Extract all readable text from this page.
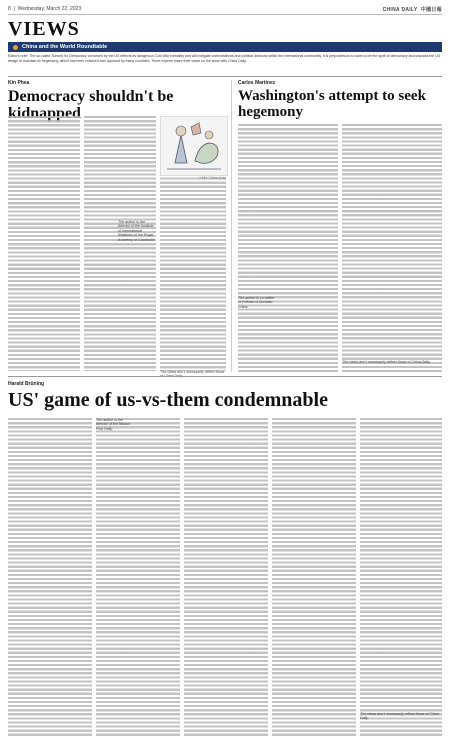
8  |  Wednesday, March 22, 2023	CHINA DAILY 中國日報
VIEWS
China and the World Roundtable
Editor's note: The so-called Summit for Democracy convened by the US reflects its dangerous Cold War mentality and will instigate confrontations and political divisions within the international community. It is preposterous to claim to be the spirit of democracy and unpacks the US design to maintain its hegemony, which has been criticized and opposed by many countries. Three experts share their views on the issue with China Daily.
Kin Phea
Democracy shouldn't be kidnapped
The author is the director of the Institute of International Relations of the Royal Academy of Cambodia.
Li Min / China Daily
The views don't necessarily reflect those
Carlos Martinez
Washington's attempt to seek hegemony
The author is co-editor of Friends of Socialist China.
The views don't necessarily reflect those of China Daily.
Harald Brüning
US' game of us-vs-them condemnable
The author is the director of the Macao Post Daily.
The views don't necessarily reflect those of China Daily.
